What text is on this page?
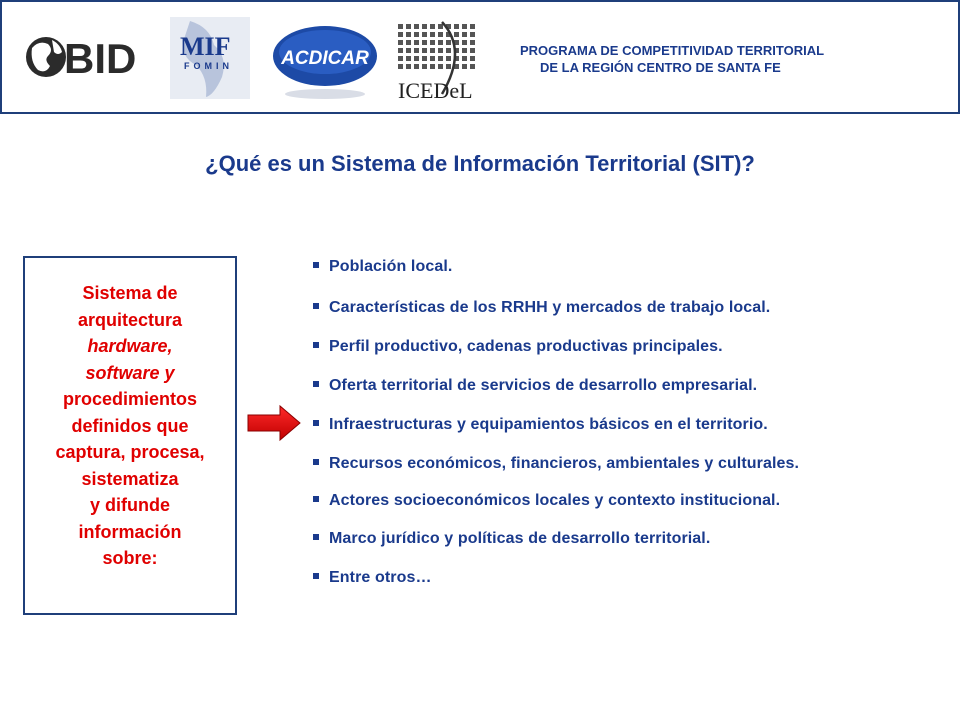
BID MIF
FOMIN	ACDICAR
ICEDeL
PROGRAMA DE COMPETITIVIDAD TERRITORIAL
DE LA REGIÓN CENTRO DE SANTA FE
¿Qué es un Sistema de Información Territorial (SIT)?
Sistema de
arquitectura
hardware,
software y
procedimientos
definidos que
captura, procesa,
sistematiza
y difunde
información
sobre:
Población local.
Características de los RRHH y mercados de trabajo local.
Perfil productivo, cadenas productivas principales.
Oferta territorial de servicios de desarrollo empresarial.
Infraestructuras y equipamientos básicos en el territorio.
Recursos económicos, financieros, ambientales y culturales.
Actores socioeconómicos locales y contexto institucional.
Marco jurídico y políticas de desarrollo territorial.
Entre otros…
